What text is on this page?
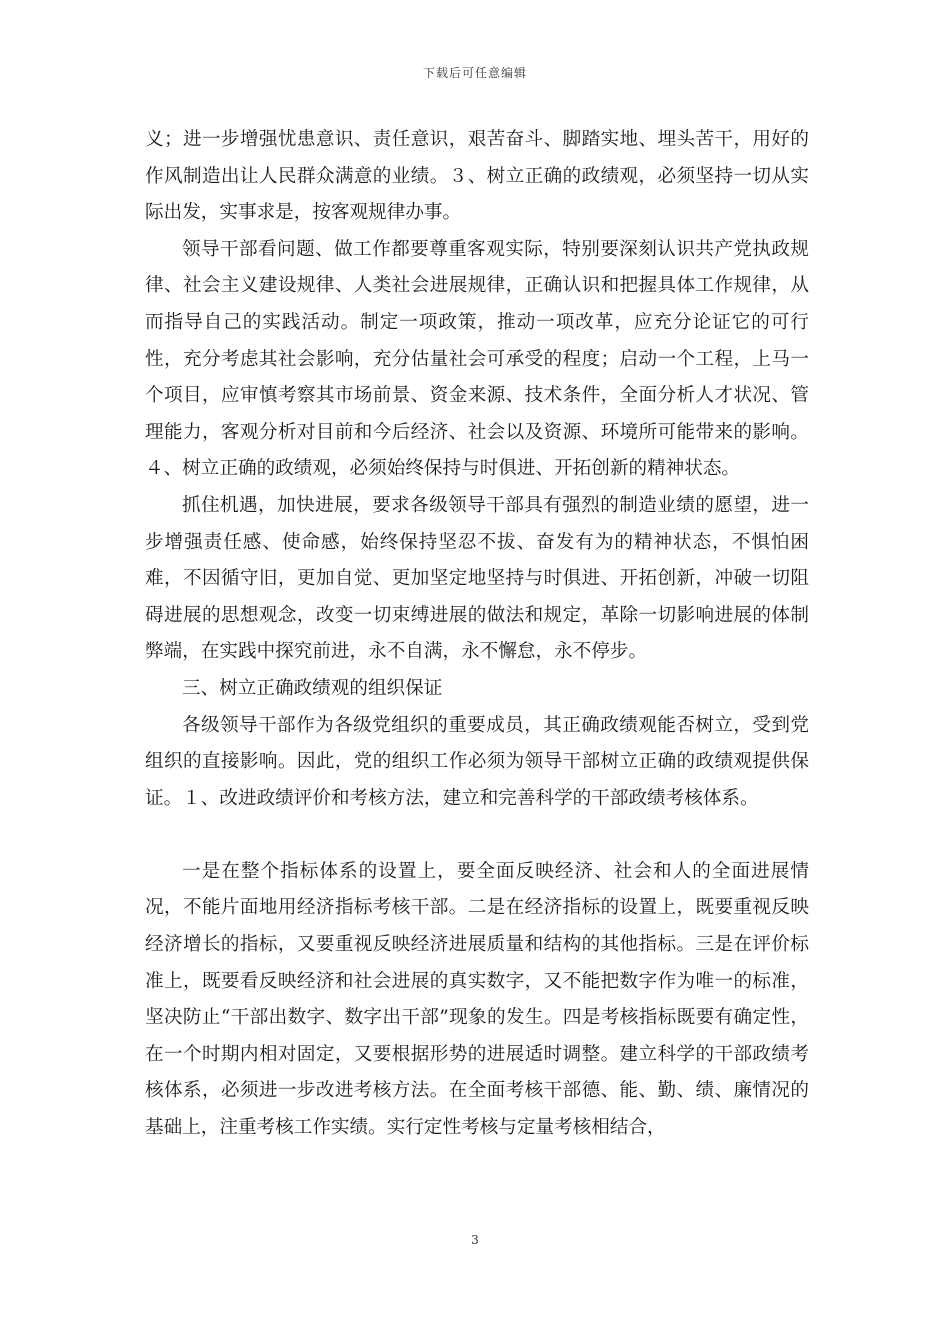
下载后可任意编辑

义；进一步增强忧患意识、责任意识，艰苦奋斗、脚踏实地、埋头苦干，用好的作风制造出让人民群众满意的业绩。３、树立正确的政绩观，必须坚持一切从实际出发，实事求是，按客观规律办事。

领导干部看问题、做工作都要尊重客观实际，特别要深刻认识共产党执政规律、社会主义建设规律、人类社会进展规律，正确认识和把握具体工作规律，从而指导自己的实践活动。制定一项政策，推动一项改革，应充分论证它的可行性，充分考虑其社会影响，充分估量社会可承受的程度；启动一个工程，上马一个项目，应审慎考察其市场前景、资金来源、技术条件，全面分析人才状况、管理能力，客观分析对目前和今后经济、社会以及资源、环境所可能带来的影响。４、树立正确的政绩观，必须始终保持与时俱进、开拓创新的精神状态。

抓住机遇，加快进展，要求各级领导干部具有强烈的制造业绩的愿望，进一步增强责任感、使命感，始终保持坚忍不拔、奋发有为的精神状态，不惧怕困难，不因循守旧，更加自觉、更加坚定地坚持与时俱进、开拓创新，冲破一切阻碍进展的思想观念，改变一切束缚进展的做法和规定，革除一切影响进展的体制弊端，在实践中探究前进，永不自满，永不懈怠，永不停步。

三、树立正确政绩观的组织保证

各级领导干部作为各级党组织的重要成员，其正确政绩观能否树立，受到党组织的直接影响。因此，党的组织工作必须为领导干部树立正确的政绩观提供保证。１、改进政绩评价和考核方法，建立和完善科学的干部政绩考核体系。

一是在整个指标体系的设置上，要全面反映经济、社会和人的全面进展情况，不能片面地用经济指标考核干部。二是在经济指标的设置上，既要重视反映经济增长的指标，又要重视反映经济进展质量和结构的其他指标。三是在评价标准上，既要看反映经济和社会进展的真实数字，又不能把数字作为唯一的标准，坚决防止“干部出数字、数字出干部”现象的发生。四是考核指标既要有确定性，在一个时期内相对固定，又要根据形势的进展适时调整。建立科学的干部政绩考核体系，必须进一步改进考核方法。在全面考核干部德、能、勤、绩、廉情况的基础上，注重考核工作实绩。实行定性考核与定量考核相结合，

3
